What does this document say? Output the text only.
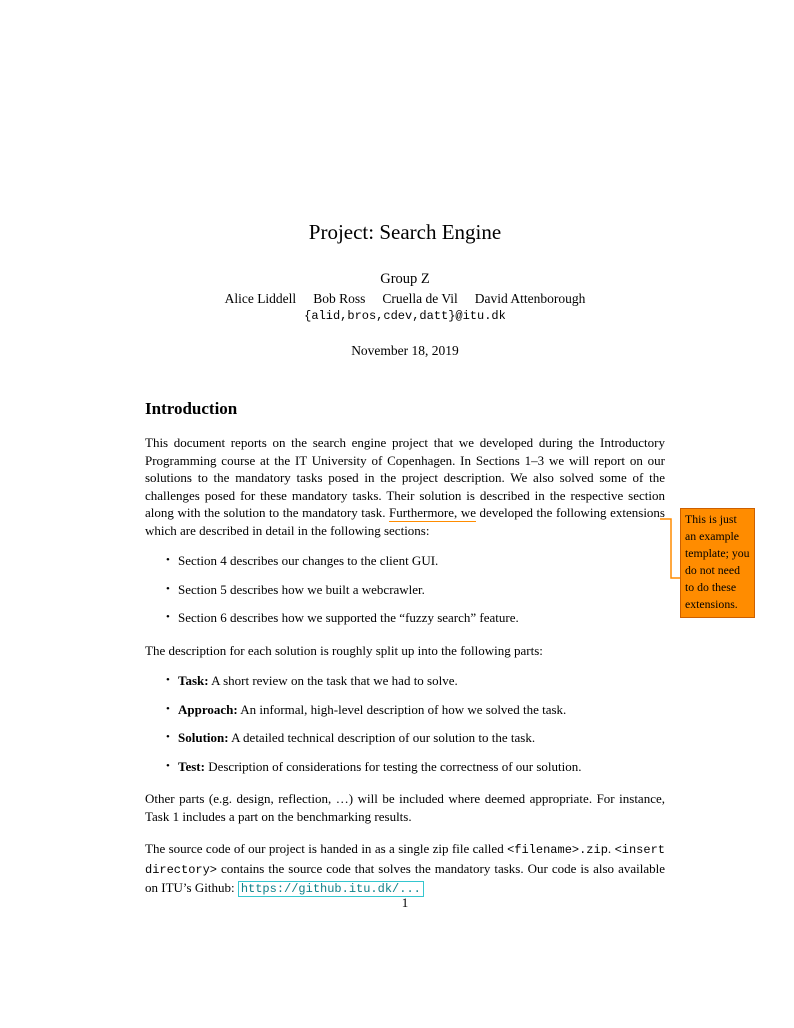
Project: Search Engine
Group Z
Alice Liddell Bob Ross Cruella de Vil David Attenborough
{alid,bros,cdev,datt}@itu.dk
November 18, 2019
Introduction

This document reports on the search engine project that we developed during the Introductory Programming course at the IT University of Copenhagen. In Sections 1–3 we will report on our solutions to the mandatory tasks posed in the project description. We also solved some of the challenges posed for these mandatory tasks. Their solution is described in the respective section along with the solution to the mandatory task. Furthermore, we developed the following extensions which are described in detail in the following sections:

• Section 4 describes our changes to the client GUI.
• Section 5 describes how we built a webcrawler.
• Section 6 describes how we supported the “fuzzy search” feature.

The description for each solution is roughly split up into the following parts:

• Task: A short review on the task that we had to solve.
• Approach: An informal, high-level description of how we solved the task.
• Solution: A detailed technical description of our solution to the task.
• Test: Description of considerations for testing the correctness of our solution.

Other parts (e.g. design, reflection, …) will be included where deemed appropriate. For instance, Task 1 includes a part on the benchmarking results.

The source code of our project is handed in as a single zip file called <filename>.zip. <insert directory> contains the source code that solves the mandatory tasks. Our code is also available on ITU’s Github: https://github.itu.dk/...

This is just an example template; you do not need to do these extensions.
1
